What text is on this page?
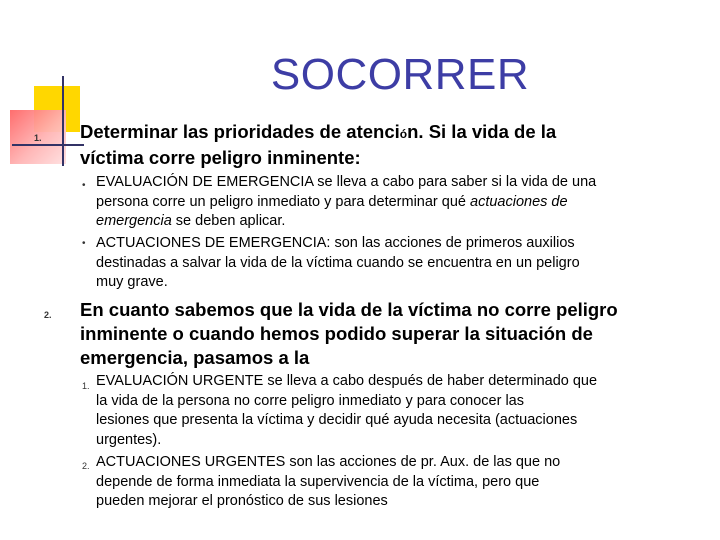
SOCORRER
1. Determinar las prioridades de atención. Si la vida de la
víctima corre peligro inminente:
• EVALUACIÓN DE EMERGENCIA se lleva a cabo para saber si la vida de una
persona corre un peligro inmediato y para determinar qué actuaciones de
emergencia se deben aplicar.
• ACTUACIONES DE EMERGENCIA: son las acciones de primeros auxilios
destinadas a salvar la vida de la víctima cuando se encuentra en un peligro
muy grave.
2. En cuanto sabemos que la vida de la víctima no corre peligro
inminente o cuando hemos podido superar la situación de
emergencia, pasamos a la
1. EVALUACIÓN URGENTE se lleva a cabo después de haber determinado que
la vida de la persona no corre peligro inmediato y para conocer las
lesiones que presenta la víctima y decidir qué ayuda necesita (actuaciones
urgentes).
2. ACTUACIONES URGENTES son las acciones de pr. Aux. de las que no
depende de forma inmediata la supervivencia de la víctima, pero que
pueden mejorar el pronóstico de sus lesiones
